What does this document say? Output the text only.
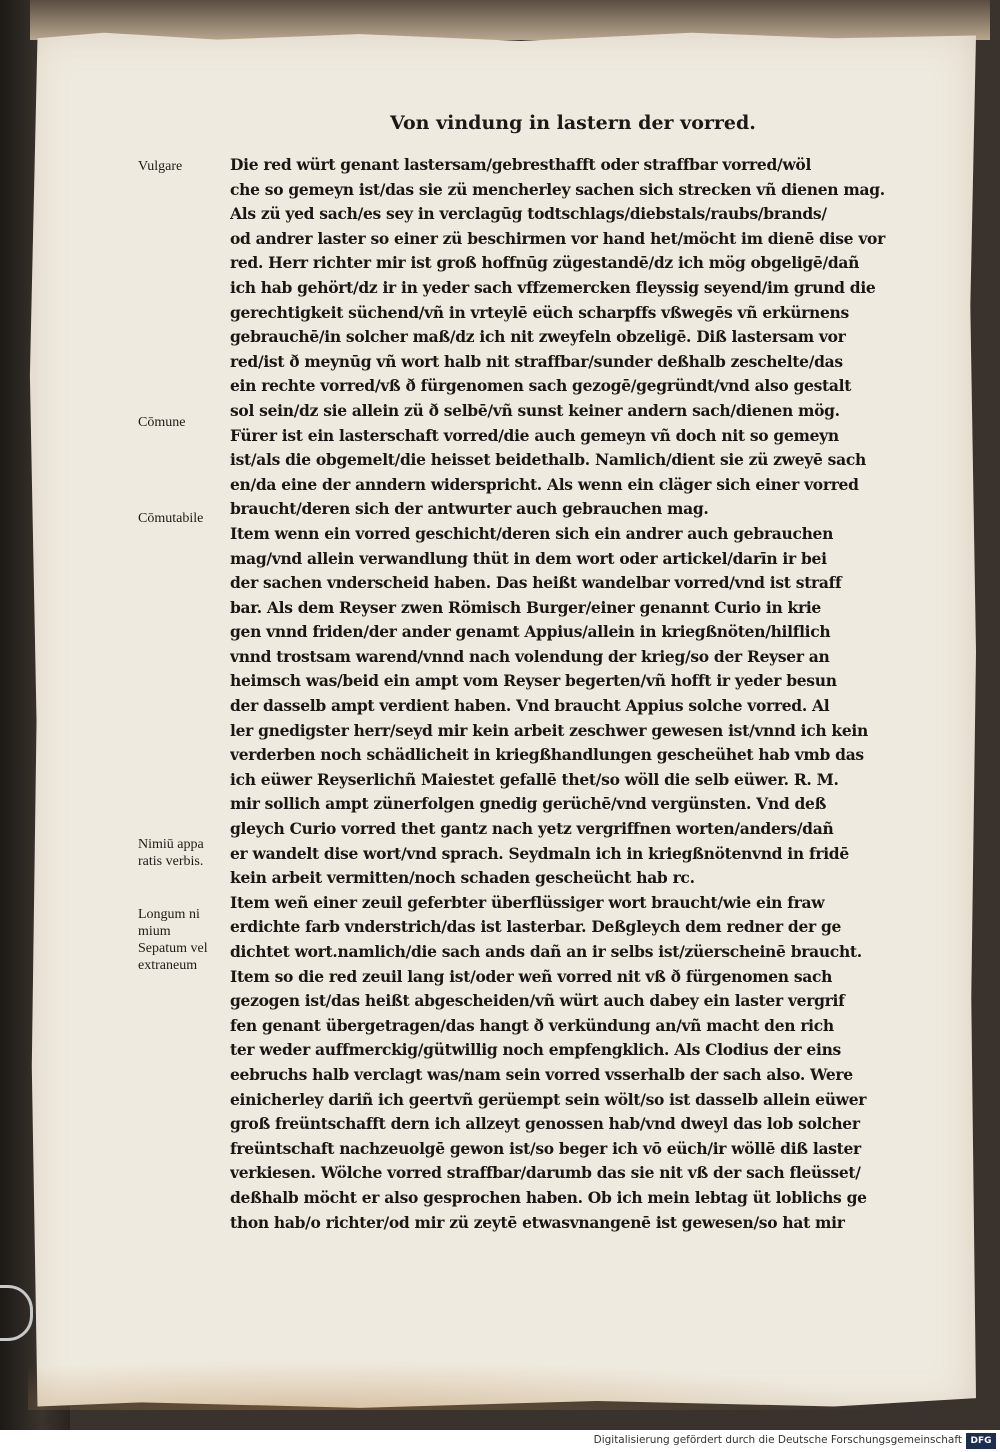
Von vindung in lastern der vorred.
Vulgare
Cōmune
Cōmutabile
Nimiū appa ratis verbis.
Longum ni mium Sepatum vel extraneum
Die red würt genant lastersam/gebresthafft oder straffbar vorred/wöl
che so gemeyn ist/das sie zü mencherley sachen sich strecken vñ dienen mag.
Als zü yed sach/es sey in verclagūg todtschlags/diebstals/raubs/brands/
od andrer laster so einer zü beschirmen vor hand het/möcht im dienē dise vor
red. Herr richter mir ist groß hoffnūg zügestandē/dz ich mög obgeligē/dañ
ich hab gehört/dz ir in yeder sach vffzemercken fleyssig seyend/im grund die
gerechtigkeit süchend/vñ in vrteylē eüch scharpffs vßwegēs vñ erkürnens
gebrauchē/in solcher maß/dz ich nit zweyfeln obzeligē. Diß lastersam vor
red/ist ð meynūg vñ wort halb nit straffbar/sunder deßhalb zeschelte/das
ein rechte vorred/vß ð fürgenomen sach gezogē/gegründt/vnd also gestalt
sol sein/dz sie allein zü ð selbē/vñ sunst keiner andern sach/dienen mög.
Fürer ist ein lasterschaft vorred/die auch gemeyn vñ doch nit so gemeyn
ist/als die obgemelt/die heisset beidethalb. Namlich/dient sie zü zweyē sach
en/da eine der anndern widerspricht. Als wenn ein cläger sich einer vorred
braucht/deren sich der antwurter auch gebrauchen mag.
Item wenn ein vorred geschicht/deren sich ein andrer auch gebrauchen
mag/vnd allein verwandlung thüt in dem wort oder artickel/darīn ir bei
der sachen vnderscheid haben. Das heißt wandelbar vorred/vnd ist straff
bar. Als dem Reyser zwen Römisch Burger/einer genannt Curio in krie
gen vnnd friden/der ander genamt Appius/allein in kriegßnöten/hilflich
vnnd trostsam warend/vnnd nach volendung der krieg/so der Reyser an
heimsch was/beid ein ampt vom Reyser begerten/vñ hofft ir yeder besun
der dasselb ampt verdient haben. Vnd braucht Appius solche vorred. Al
ler gnedigster herr/seyd mir kein arbeit zeschwer gewesen ist/vnnd ich kein
verderben noch schädlicheit in kriegßhandlungen gescheühet hab vmb das
ich eüwer Reyserlichñ Maiestet gefallē thet/so wöll die selb eüwer. R. M.
mir sollich ampt zünerfolgen gnedig gerüchē/vnd vergünsten. Vnd deß
gleych Curio vorred thet gantz nach yetz vergriffnen worten/anders/dañ
er wandelt dise wort/vnd sprach. Seydmaln ich in kriegßnötenvnd in fridē
kein arbeit vermitten/noch schaden gescheücht hab rc.
Item weñ einer zeuil geferbter überflüssiger wort braucht/wie ein fraw
erdichte farb vnderstrich/das ist lasterbar. Deßgleych dem redner der ge
dichtet wort.namlich/die sach ands dañ an ir selbs ist/züerscheinē braucht.
Item so die red zeuil lang ist/oder weñ vorred nit vß ð fürgenomen sach
gezogen ist/das heißt abgescheiden/vñ würt auch dabey ein laster vergrif
fen genant übergetragen/das hangt ð verkündung an/vñ macht den rich
ter weder auffmerckig/gütwillig noch empfengklich. Als Clodius der eins
eebruchs halb verclagt was/nam sein vorred vsserhalb der sach also. Were
einicherley dariñ ich geertvñ gerüempt sein wölt/so ist dasselb allein eüwer
groß freüntschafft dern ich allzeyt genossen hab/vnd dweyl das lob solcher
freüntschaft nachzeuolgē gewon ist/so beger ich vō eüch/ir wöllē diß laster
verkiesen. Wölche vorred straffbar/darumb das sie nit vß der sach fleüsset/
deßhalb möcht er also gesprochen haben. Ob ich mein lebtag üt loblichs ge
thon hab/o richter/od mir zü zeytē etwasvnangenē ist gewesen/so hat mir
Digitalisierung gefördert durch die Deutsche Forschungsgemeinschaft DFG
